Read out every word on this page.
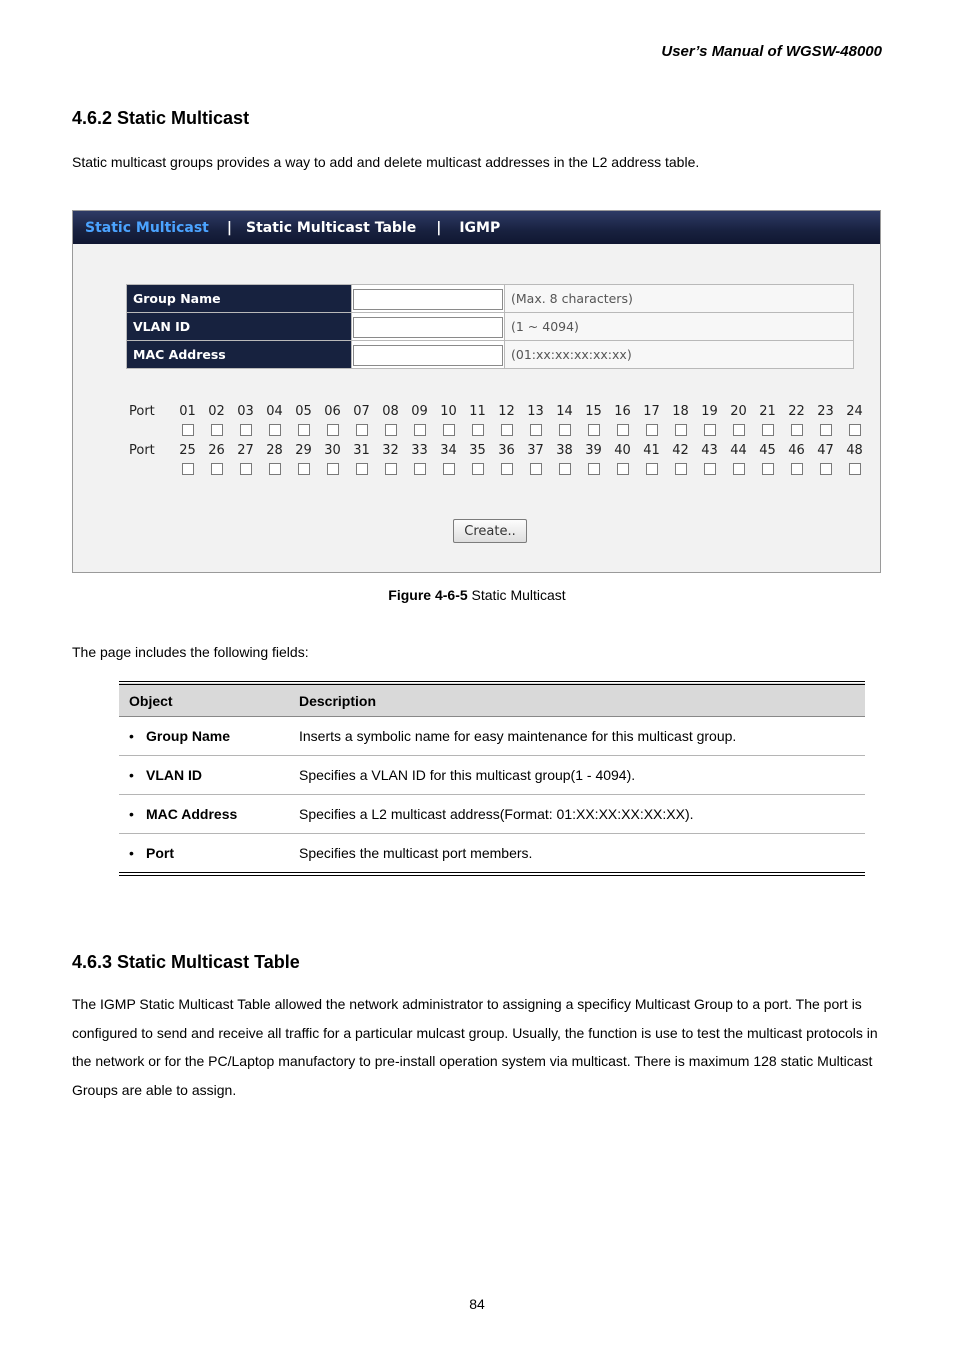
User’s Manual of WGSW-48000
4.6.2 Static Multicast
Static multicast groups provides a way to add and delete multicast addresses in the L2 address table.
Static Multicast | Static Multicast Table | IGMP
Group Name		(Max. 8 characters)
VLAN ID		(1 ~ 4094)
MAC Address		(01:xx:xx:xx:xx:xx)
Port	01 02 03 04 05 06 07 08 09 10 11 12 13 14 15 16 17 18 19 20 21 22 23 24
Port	25 26 27 28 29 30 31 32 33 34 35 36 37 38 39 40 41 42 43 44 45 46 47 48
Create..
Figure 4-6-5 Static Multicast
The page includes the following fields:
Object	Description
• Group Name	Inserts a symbolic name for easy maintenance for this multicast group.
• VLAN ID	Specifies a VLAN ID for this multicast group(1 - 4094).
• MAC Address	Specifies a L2 multicast address(Format: 01:XX:XX:XX:XX:XX).
• Port	Specifies the multicast port members.
4.6.3 Static Multicast Table
The IGMP Static Multicast Table allowed the network administrator to assigning a specificy Multicast Group to a port. The port is configured to send and receive all traffic for a particular mulcast group. Usually, the function is use to test the multicast protocols in the network or for the PC/Laptop manufactory to pre-install operation system via multicast. There is maximum 128 static Multicast Groups are able to assign.
84
